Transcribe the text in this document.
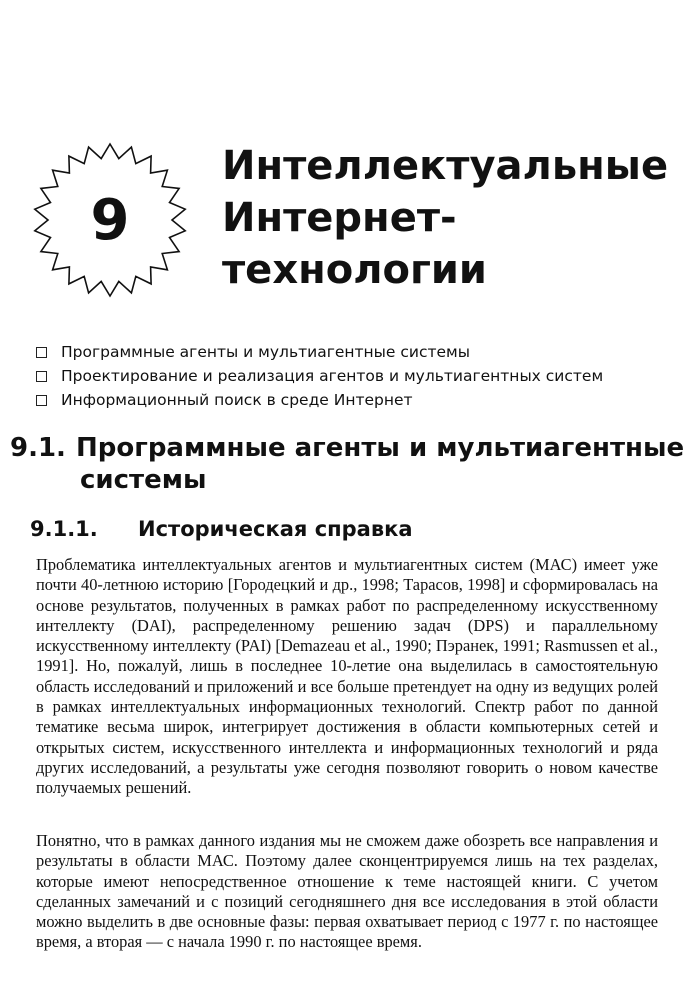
9
Интеллектуальные
Интернет-
технологии
Программные агенты и мультиагентные системы
Проектирование и реализация агентов и мультиагентных систем
Информационный поиск в среде Интернет
9.1. Программные агенты и мультиагентные
системы
9.1.1. Историческая справка

Проблематика интеллектуальных агентов и мультиагентных систем (МАС) имеет уже почти 40-летнюю историю [Городецкий и др., 1998; Тарасов, 1998] и сформировалась на основе результатов, полученных в рамках работ по распределенному искусственному интеллекту (DAI), распределенному решению задач (DPS) и параллельному искусственному интеллекту (PAI) [Demazeau et al., 1990; Пэранек, 1991; Rasmussen et al., 1991]. Но, пожалуй, лишь в последнее 10-летие она выделилась в самостоятельную область исследований и приложений и все больше претендует на одну из ведущих ролей в рамках интеллектуальных информационных технологий. Спектр работ по данной тематике весьма широк, интегрирует достижения в области компьютерных сетей и открытых систем, искусственного интеллекта и информационных технологий и ряда других исследований, а результаты уже сегодня позволяют говорить о новом качестве получаемых решений.

Понятно, что в рамках данного издания мы не сможем даже обозреть все направления и результаты в области МАС. Поэтому далее сконцентрируемся лишь на тех разделах, которые имеют непосредственное отношение к теме настоящей книги. С учетом сделанных замечаний и с позиций сегодняшнего дня все исследования в этой области можно выделить в две основные фазы: первая охватывает период с 1977 г. по настоящее время, а вторая — с начала 1990 г. по настоящее время.
